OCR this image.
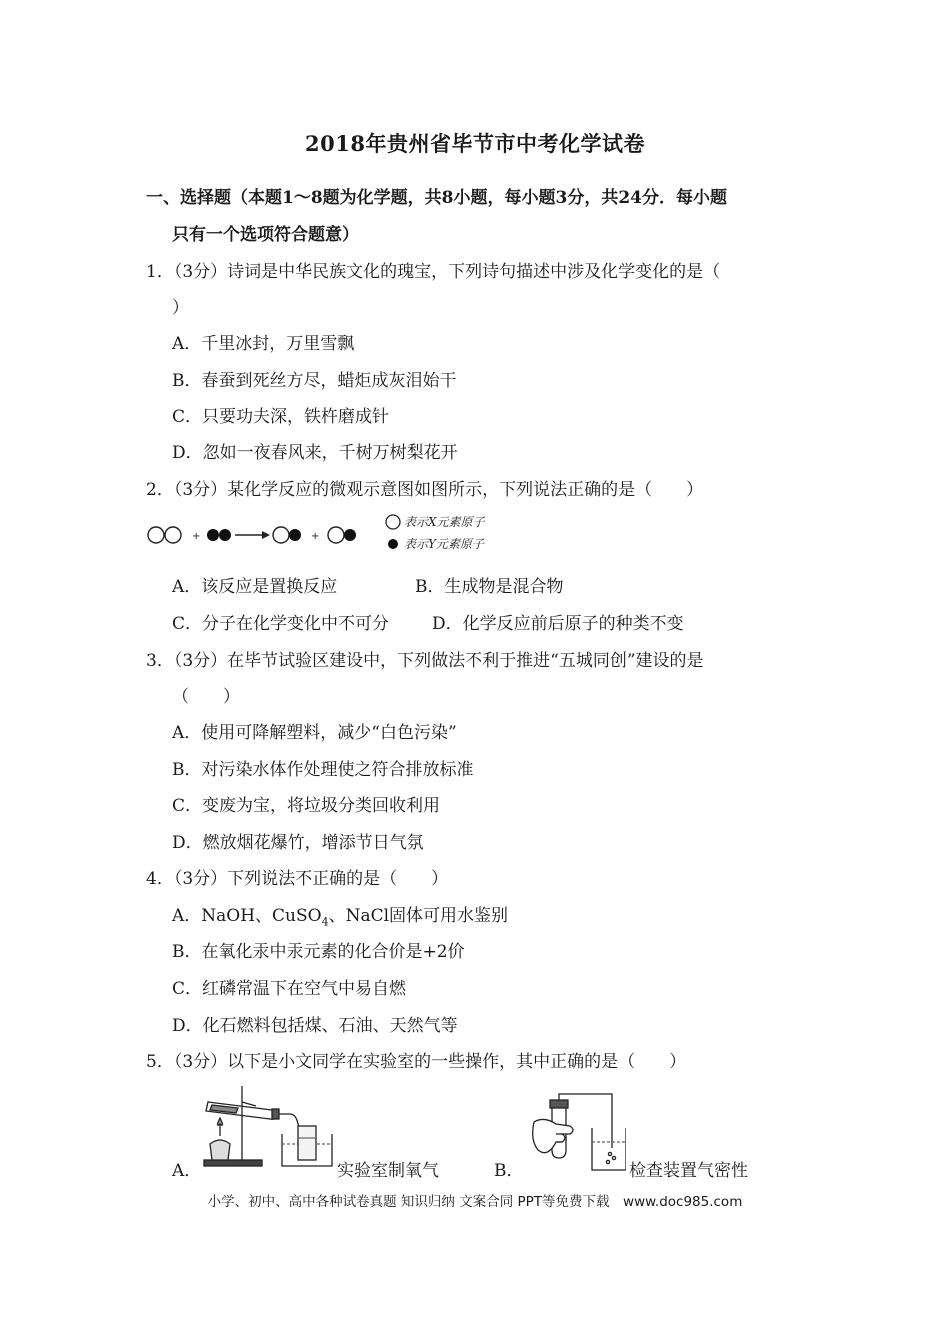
2018年贵州省毕节市中考化学试卷
一、选择题（本题1～8题为化学题，共8小题，每小题3分，共24分．每小题
只有一个选项符合题意）
1．（3分）诗词是中华民族文化的瑰宝，下列诗句描述中涉及化学变化的是（
）
A．千里冰封，万里雪飘
B．春蚕到死丝方尽，蜡炬成灰泪始干
C．只要功夫深，铁杵磨成针
D．忽如一夜春风来，千树万树梨花开
2．（3分）某化学反应的微观示意图如图所示，下列说法正确的是（　　）
+	+
表示X元素原子
表示Y元素原子
A．该反应是置换反应	B．生成物是混合物
C．分子在化学变化中不可分	D．化学反应前后原子的种类不变
3．（3分）在毕节试验区建设中，下列做法不利于推进“五城同创”建设的是
（　　）
A．使用可降解塑料，减少“白色污染”
B．对污染水体作处理使之符合排放标准
C．变废为宝，将垃圾分类回收利用
D．燃放烟花爆竹，增添节日气氛
4．（3分）下列说法不正确的是（　　）
A．NaOH、CuSO$_4$、NaCl固体可用水鉴别
B．在氧化汞中汞元素的化合价是+2价
C．红磷常温下在空气中易自燃
D．化石燃料包括煤、石油、天然气等
5．（3分）以下是小文同学在实验室的一些操作，其中正确的是（　　）
A．	实验室制氧气	B．	检查装置气密性
小学、初中、高中各种试卷真题 知识归纳 文案合同 PPT等免费下载　www.doc985.com
